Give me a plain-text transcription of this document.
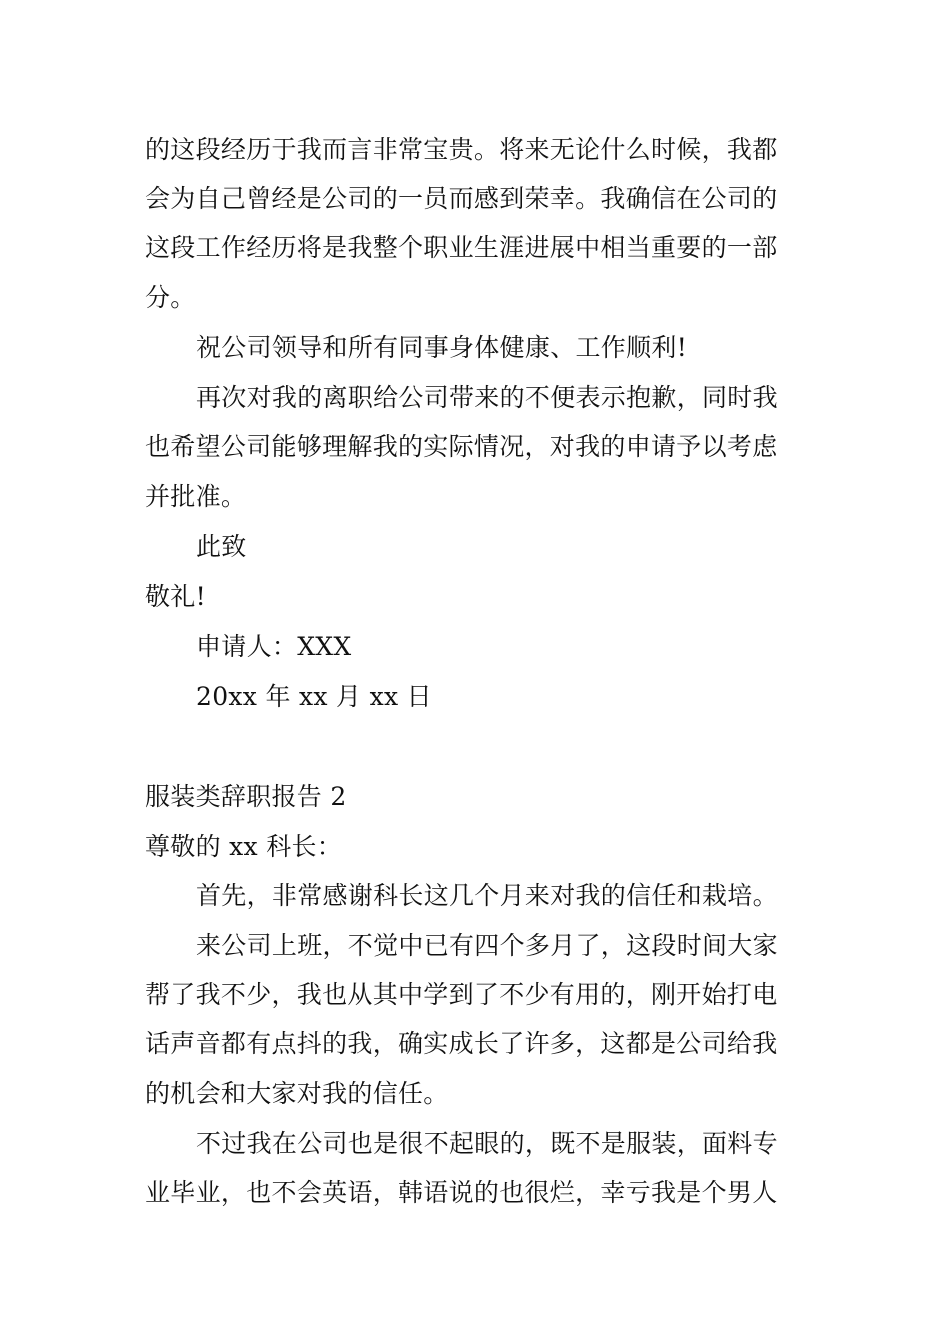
的这段经历于我而言非常宝贵。将来无论什么时候，我都
会为自己曾经是公司的一员而感到荣幸。我确信在公司的
这段工作经历将是我整个职业生涯进展中相当重要的一部
分。
祝公司领导和所有同事身体健康、工作顺利!
再次对我的离职给公司带来的不便表示抱歉，同时我
也希望公司能够理解我的实际情况，对我的申请予以考虑
并批准。
此致
敬礼!
申请人：XXX
20xx 年 xx 月 xx 日
服装类辞职报告 2
尊敬的 xx 科长：
首先，非常感谢科长这几个月来对我的信任和栽培。
来公司上班，不觉中已有四个多月了，这段时间大家
帮了我不少，我也从其中学到了不少有用的，刚开始打电
话声音都有点抖的我，确实成长了许多，这都是公司给我
的机会和大家对我的信任。
不过我在公司也是很不起眼的，既不是服装，面料专
业毕业，也不会英语，韩语说的也很烂，幸亏我是个男人
